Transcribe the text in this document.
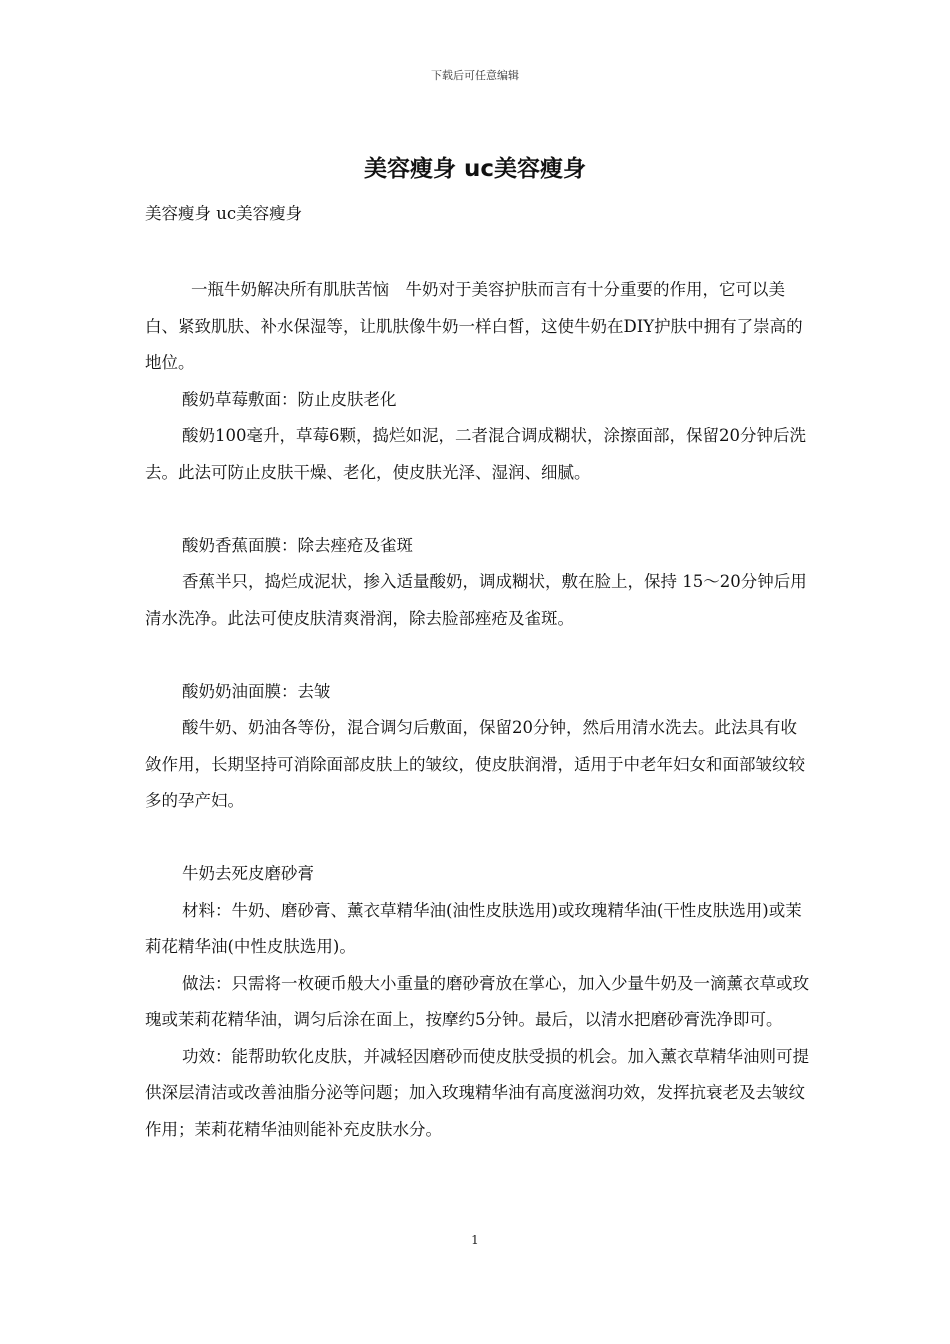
下载后可任意编辑
美容瘦身 uc美容瘦身

美容瘦身 uc美容瘦身

一瓶牛奶解决所有肌肤苦恼　牛奶对于美容护肤而言有十分重要的作用，它可以美白、紧致肌肤、补水保湿等，让肌肤像牛奶一样白皙，这使牛奶在DIY护肤中拥有了崇高的地位。

酸奶草莓敷面：防止皮肤老化

酸奶100毫升，草莓6颗，捣烂如泥，二者混合调成糊状，涂擦面部，保留20分钟后洗去。此法可防止皮肤干燥、老化，使皮肤光泽、湿润、细腻。

酸奶香蕉面膜：除去痤疮及雀斑

香蕉半只，捣烂成泥状，掺入适量酸奶，调成糊状，敷在脸上，保持 15～20分钟后用清水洗净。此法可使皮肤清爽滑润，除去脸部痤疮及雀斑。

酸奶奶油面膜：去皱

酸牛奶、奶油各等份，混合调匀后敷面，保留20分钟，然后用清水洗去。此法具有收敛作用，长期坚持可消除面部皮肤上的皱纹，使皮肤润滑，适用于中老年妇女和面部皱纹较多的孕产妇。

牛奶去死皮磨砂膏

材料：牛奶、磨砂膏、薰衣草精华油(油性皮肤选用)或玫瑰精华油(干性皮肤选用)或茉莉花精华油(中性皮肤选用)。

做法：只需将一枚硬币般大小重量的磨砂膏放在掌心，加入少量牛奶及一滴薰衣草或玫瑰或茉莉花精华油，调匀后涂在面上，按摩约5分钟。最后，以清水把磨砂膏洗净即可。

功效：能帮助软化皮肤，并减轻因磨砂而使皮肤受损的机会。加入薰衣草精华油则可提供深层清洁或改善油脂分泌等问题；加入玫瑰精华油有高度滋润功效，发挥抗衰老及去皱纹作用；茉莉花精华油则能补充皮肤水分。

1
